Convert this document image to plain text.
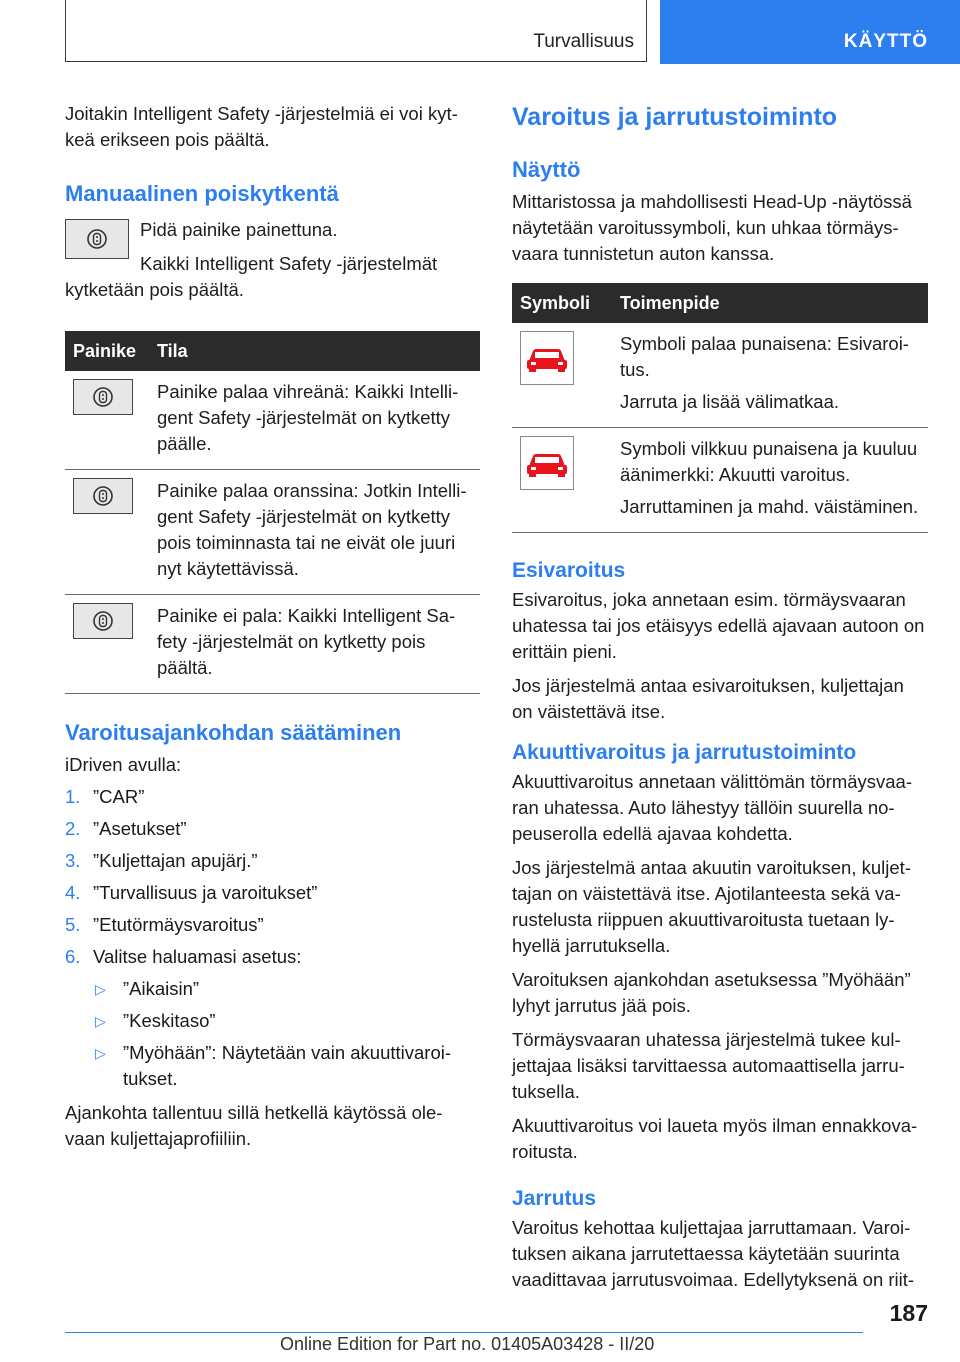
Turvallisuus	KÄYTTÖ

Joitakin Intelligent Safety -järjestelmiä ei voi kyt-keä erikseen pois päältä.

Manuaalinen poiskytkentä

Pidä painike painettuna.

Kaikki Intelligent Safety -järjestelmät

kytketään pois päältä.

Painike	Tila

Painike palaa vihreänä: Kaikki Intelli-gent Safety -järjestelmät on kytketty päälle.

Painike palaa oranssina: Jotkin Intelli-gent Safety -järjestelmät on kytketty pois toiminnasta tai ne eivät ole juuri nyt käytettävissä.

Painike ei pala: Kaikki Intelligent Sa-fety -järjestelmät on kytketty pois päältä.

Varoitusajankohdan säätäminen

iDriven avulla:

1. ”CAR”
2. ”Asetukset”
3. ”Kuljettajan apujärj.”
4. ”Turvallisuus ja varoitukset”
5. ”Etutörmäysvaroitus”
6. Valitse haluamasi asetus:
▷ ”Aikaisin”
▷ ”Keskitaso”
▷ ”Myöhään”: Näytetään vain akuuttivaroi-tukset.

Ajankohta tallentuu sillä hetkellä käytössä ole-vaan kuljettajaprofiiliin.

Varoitus ja jarrutustoiminto
Näyttö

Mittaristossa ja mahdollisesti Head-Up -näytössä näytetään varoitussymboli, kun uhkaa törmäys-vaara tunnistetun auton kanssa.

Symboli	Toimenpide

Symboli palaa punaisena: Esivaroi-tus.

Jarruta ja lisää välimatkaa.

Symboli vilkkuu punaisena ja kuuluu äänimerkki: Akuutti varoitus.

Jarruttaminen ja mahd. väistäminen.

Esivaroitus

Esivaroitus, joka annetaan esim. törmäysvaaran uhatessa tai jos etäisyys edellä ajavaan autoon on erittäin pieni.

Jos järjestelmä antaa esivaroituksen, kuljettajan on väistettävä itse.

Akuuttivaroitus ja jarrutustoiminto

Akuuttivaroitus annetaan välittömän törmäysvaa-ran uhatessa. Auto lähestyy tällöin suurella no-peuserolla edellä ajavaa kohdetta.

Jos järjestelmä antaa akuutin varoituksen, kuljet-tajan on väistettävä itse. Ajotilanteesta sekä va-rustelusta riippuen akuuttivaroitusta tuetaan ly-hyellä jarrutuksella.

Varoituksen ajankohdan asetuksessa ”Myöhään” lyhyt jarrutus jää pois.

Törmäysvaaran uhatessa järjestelmä tukee kul-jettajaa lisäksi tarvittaessa automaattisella jarru-tuksella.

Akuuttivaroitus voi laueta myös ilman ennakkova-roitusta.

Jarrutus

Varoitus kehottaa kuljettajaa jarruttamaan. Varoi-tuksen aikana jarrutettaessa käytetään suurinta vaadittavaa jarrutusvoimaa. Edellytyksenä on riit-

187
Online Edition for Part no. 01405A03428 - II/20
